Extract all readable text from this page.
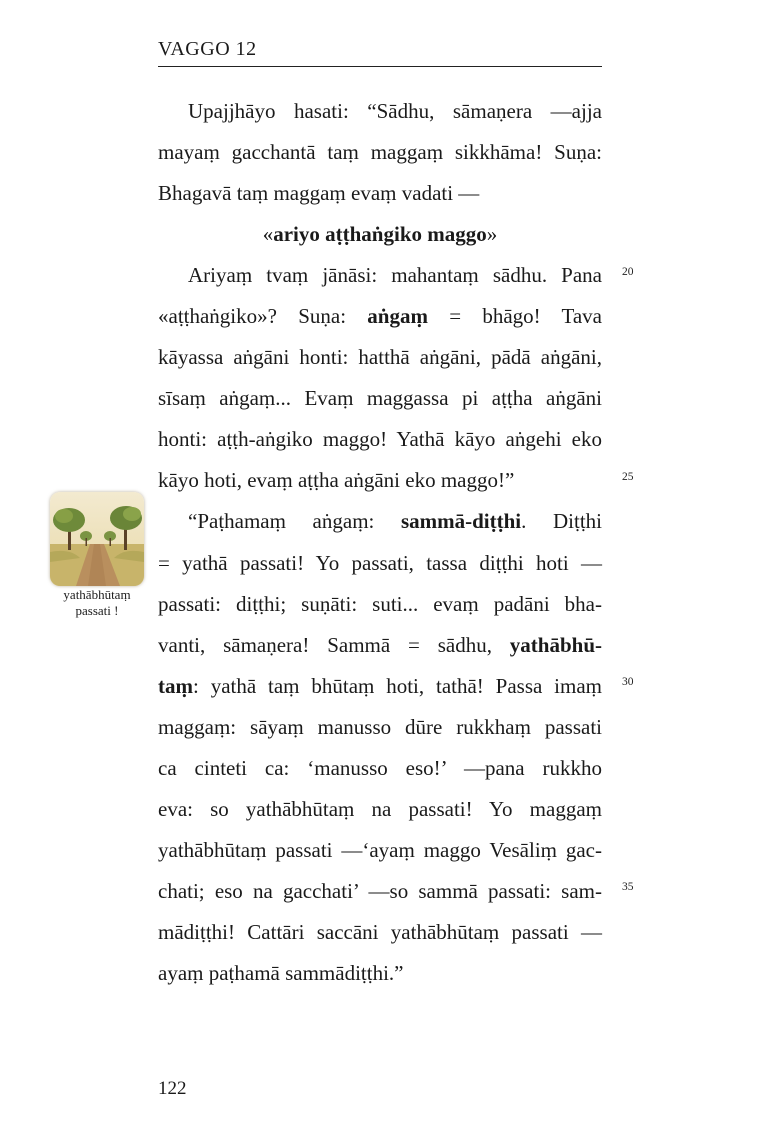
VAGGO 12
Upajjhāyo hasati: “Sādhu, sāmaṇera —ajja
mayaṃ gacchantā taṃ maggaṃ sikkhāma! Suṇa:
Bhagavā taṃ maggaṃ evaṃ vadati —
«ariyo aṭṭhaṅgiko maggo»
Ariyaṃ tvaṃ jānāsi: mahantaṃ sādhu. Pana
«aṭṭhaṅgiko»? Suṇa: aṅgaṃ = bhāgo! Tava
kāyassa aṅgāni honti: hatthā aṅgāni, pādā aṅgāni,
sīsaṃ aṅgaṃ... Evaṃ maggassa pi aṭṭha aṅgāni
honti: aṭṭh-aṅgiko maggo! Yathā kāyo aṅgehi eko
kāyo hoti, evaṃ aṭṭha aṅgāni eko maggo!”
“Paṭhamaṃ aṅgaṃ: sammā-diṭṭhi. Diṭṭhi
= yathā passati! Yo passati, tassa diṭṭhi hoti —
passati: diṭṭhi; suṇāti: suti... evaṃ padāni bha-
vanti, sāmaṇera! Sammā = sādhu, yathābhū-
taṃ: yathā taṃ bhūtaṃ hoti, tathā! Passa imaṃ
maggaṃ: sāyaṃ manusso dūre rukkhaṃ passati
ca cinteti ca: ‘manusso eso!’ —pana rukkho
eva: so yathābhūtaṃ na passati! Yo maggaṃ
yathābhūtaṃ passati —‘ayaṃ maggo Vesāliṃ gac-
chati; eso na gacchati’ —so sammā passati: sam-
mādiṭṭhi! Cattāri saccāni yathābhūtaṃ passati —
ayaṃ paṭhamā sammādiṭṭhi.”
20
25
30
35
yathābhūtaṃ
passati !
122
